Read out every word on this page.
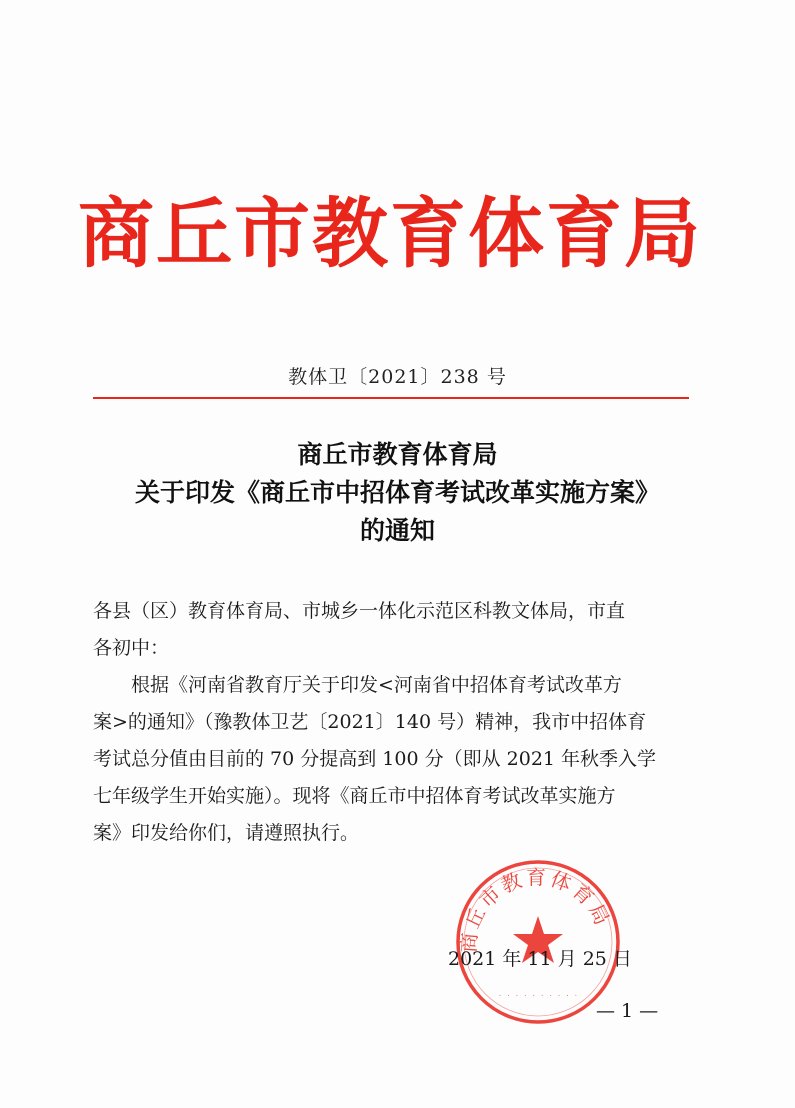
商丘市教育体育局
教体卫〔2021〕238 号
商丘市教育体育局
关于印发《商丘市中招体育考试改革实施方案》
的通知
各县（区）教育体育局、市城乡一体化示范区科教文体局，市直
各初中：
根据《河南省教育厅关于印发<河南省中招体育考试改革方
案>的通知》（豫教体卫艺〔2021〕140 号）精神，我市中招体育
考试总分值由目前的 70 分提高到 100 分（即从 2021 年秋季入学
七年级学生开始实施）。现将《商丘市中招体育考试改革实施方
案》印发给你们，请遵照执行。
商丘市教育体育局
· · · · · · · · · ·
2021 年 11 月 25 日
— 1 —
